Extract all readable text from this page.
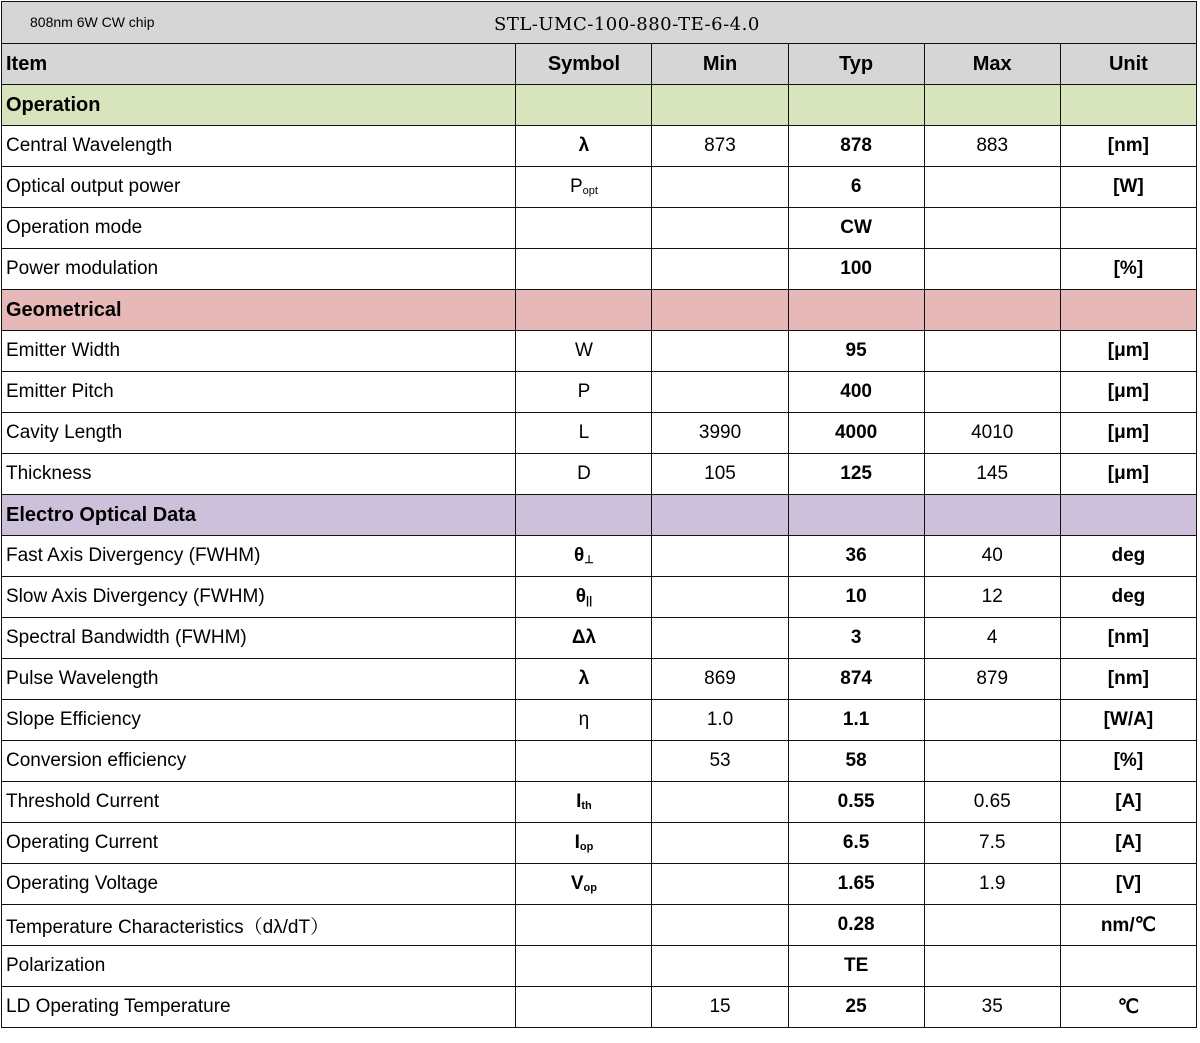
808nm 6W CW chip STL-UMC-100-880-TE-6-4.0					

Item	Symbol	Min	Typ	Max	Unit
Operation					
Central Wavelength	λ	873	878	883	[nm]
Optical output power	$P_{opt}$		6		[W]
Operation mode			CW		
Power modulation			100		[%]
Geometrical					
Emitter Width	W		95		[μm]
Emitter Pitch	P		400		[μm]
Cavity Length	L	3990	4000	4010	[μm]
Thickness	D	105	125	145	[μm]
Electro Optical Data					
Fast Axis Divergency (FWHM)	$\theta_\perp$		36	40	deg
Slow Axis Divergency (FWHM)	$\theta_{||}$		10	12	deg
Spectral Bandwidth (FWHM)	Δλ		3	4	[nm]
Pulse Wavelength	λ	869	874	879	[nm]
Slope Efficiency	η	1.0	1.1		[W/A]
Conversion efficiency		53	58		[%]
Threshold Current	$I_{th}$		0.55	0.65	[A]
Operating Current	$I_{op}$		6.5	7.5	[A]
Operating Voltage	$V_{op}$		1.65	1.9	[V]
Temperature Characteristics（dλ/dT）			0.28		nm/℃
Polarization			TE		
LD Operating Temperature		15	25	35	℃
